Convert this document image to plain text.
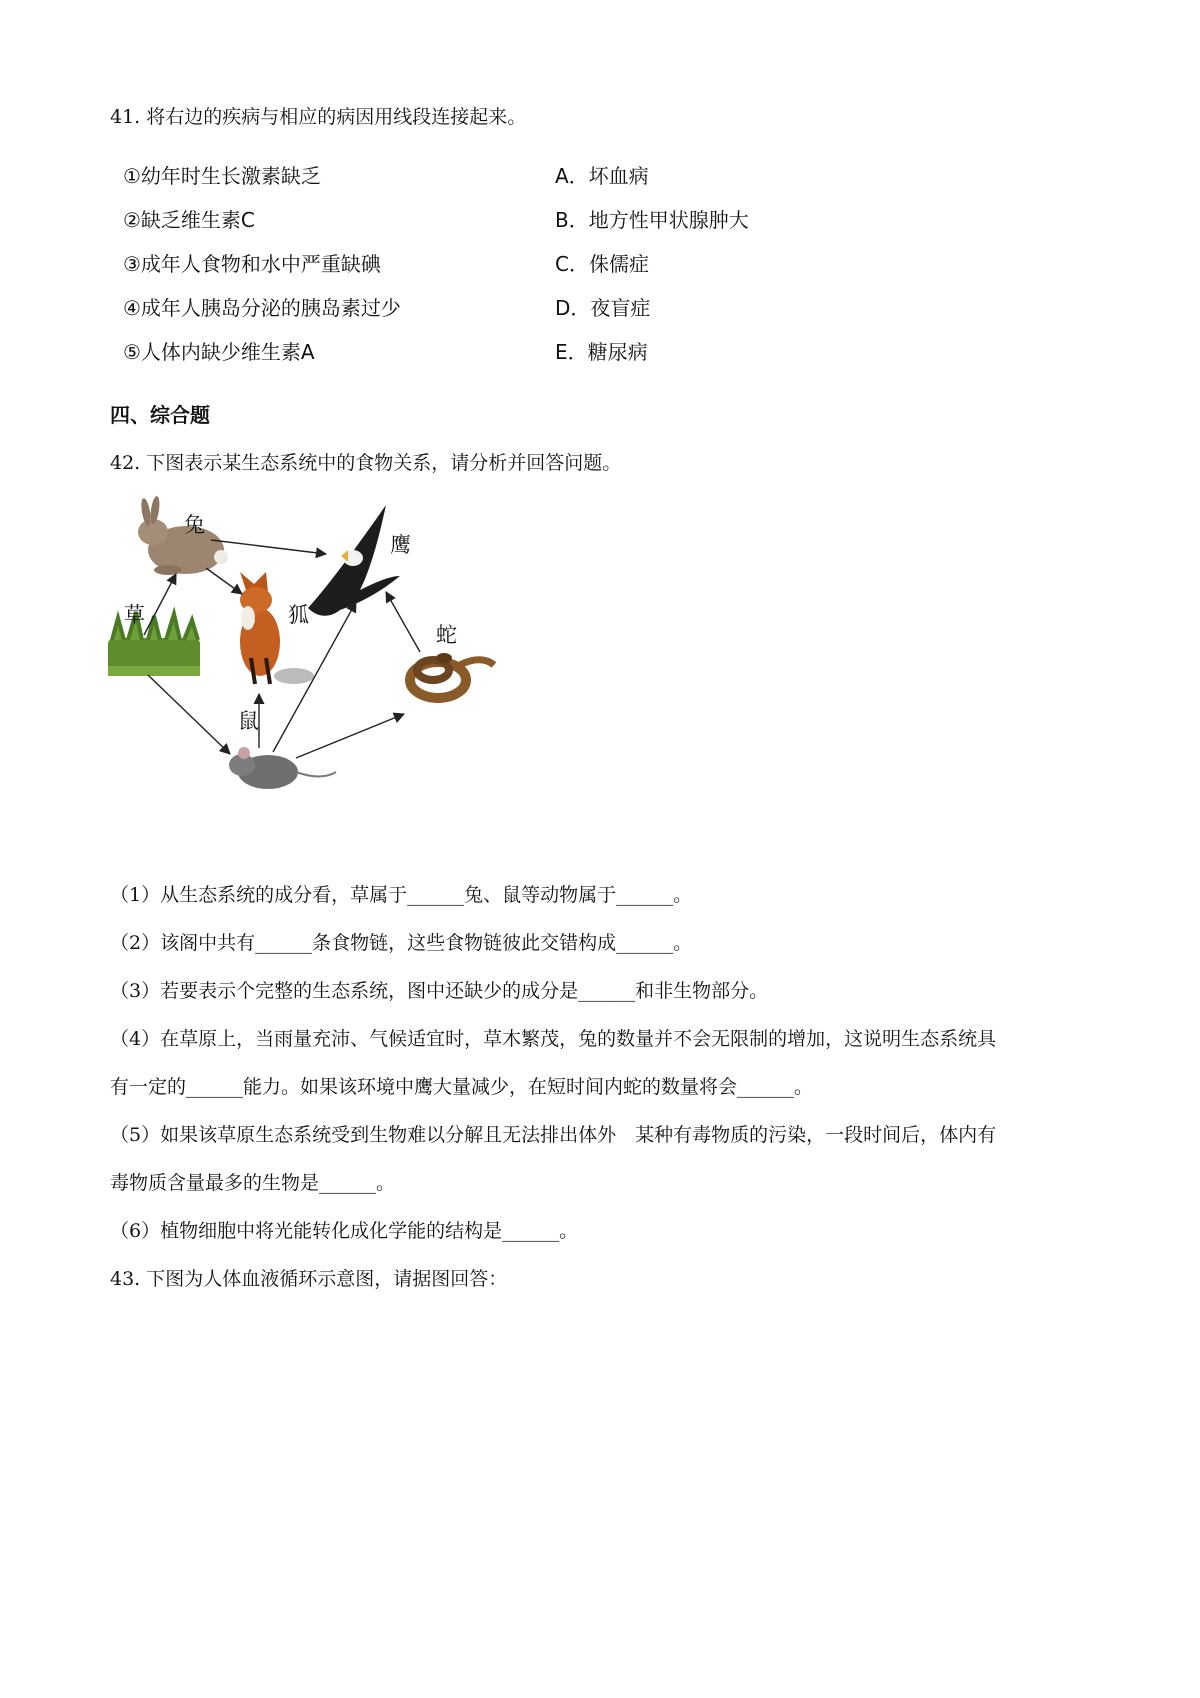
41. 将右边的疾病与相应的病因用线段连接起来。
①幼年时生长激素缺乏
②缺乏维生素C
③成年人食物和水中严重缺碘
④成年人胰岛分泌的胰岛素过少
⑤人体内缺少维生素A
A．坏血病
B．地方性甲状腺肿大
C．侏儒症
D．夜盲症
E．糖尿病
四、综合题
42. 下图表示某生态系统中的食物关系，请分析并回答问题。
兔
鹰
草	狐
蛇
鼠
（1）从生态系统的成分看，草属于______兔、鼠等动物属于______。
（2）该阁中共有______条食物链，这些食物链彼此交错构成______。
（3）若要表示个完整的生态系统，图中还缺少的成分是______和非生物部分。
（4）在草原上，当雨量充沛、气候适宜时，草木繁茂，兔的数量并不会无限制的增加，这说明生态系统具
有一定的______能力。如果该环境中鹰大量减少，在短时间内蛇的数量将会______。
（5）如果该草原生态系统受到生物难以分解且无法排出体外　某种有毒物质的污染，一段时间后，体内有
毒物质含量最多的生物是______。
（6）植物细胞中将光能转化成化学能的结构是______。
43. 下图为人体血液循环示意图，请据图回答：
